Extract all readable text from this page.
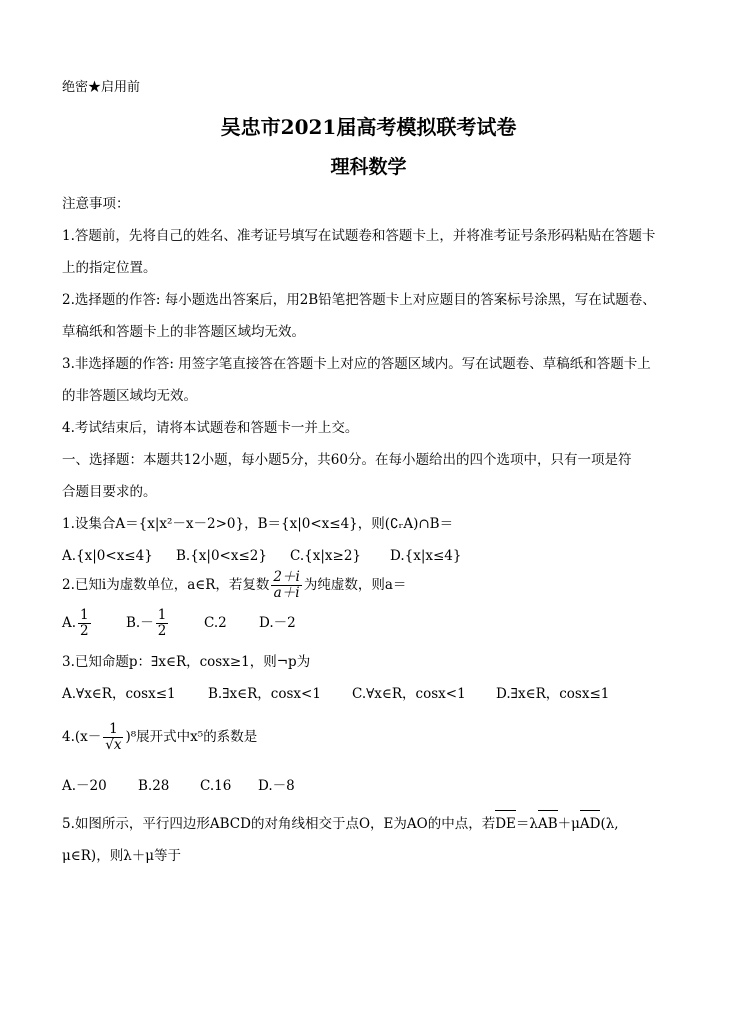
绝密★启用前
吴忠市2021届高考模拟联考试卷
理科数学
注意事项：
1.答题前，先将自己的姓名、准考证号填写在试题卷和答题卡上，并将准考证号条形码粘贴在答题卡
上的指定位置。
2.选择题的作答: 每小题选出答案后，用2B铅笔把答题卡上对应题目的答案标号涂黑，写在试题卷、
草稿纸和答题卡上的非答题区域均无效。
3.非选择题的作答: 用签字笔直接答在答题卡上对应的答题区域内。写在试题卷、草稿纸和答题卡上
的非答题区域均无效。
4.考试结束后，请将本试题卷和答题卡一并上交。
一、选择题：本题共12小题，每小题5分，共60分。在每小题给出的四个选项中，只有一项是符
合题目要求的。
1.设集合A＝{x|x²－x－2>0}，B＝{x|0<x≤4}，则(∁ᵣA)∩B＝
A.{x|0<x≤4} B.{x|0<x≤2} C.{x|x≥2} D.{x|x≤4}
2.已知i为虚数单位，a∈R，若复数 $\frac{2+i}{a+i}$ 为纯虚数，则a＝
A. $\frac{1}{2}$	$B.- \frac{1}{2}$	C.2 D.－2
3.已知命题p：∃x∈R，cosx≥1，则¬p为
A.∀x∈R，cosx≤1 B.∃x∈R，cosx<1 C.∀x∈R，cosx<1 D.∃x∈R，cosx≤1
$4.(x- \frac{1}{√x} )^8$展开式中x⁵的系数是
A.－20 B.28 C.16 D.－8
5.如图所示，平行四边形ABCD的对角线相交于点O，E为AO的中点，若DE＝λAB＋μAD(λ,
μ∈R)，则λ＋μ等于
